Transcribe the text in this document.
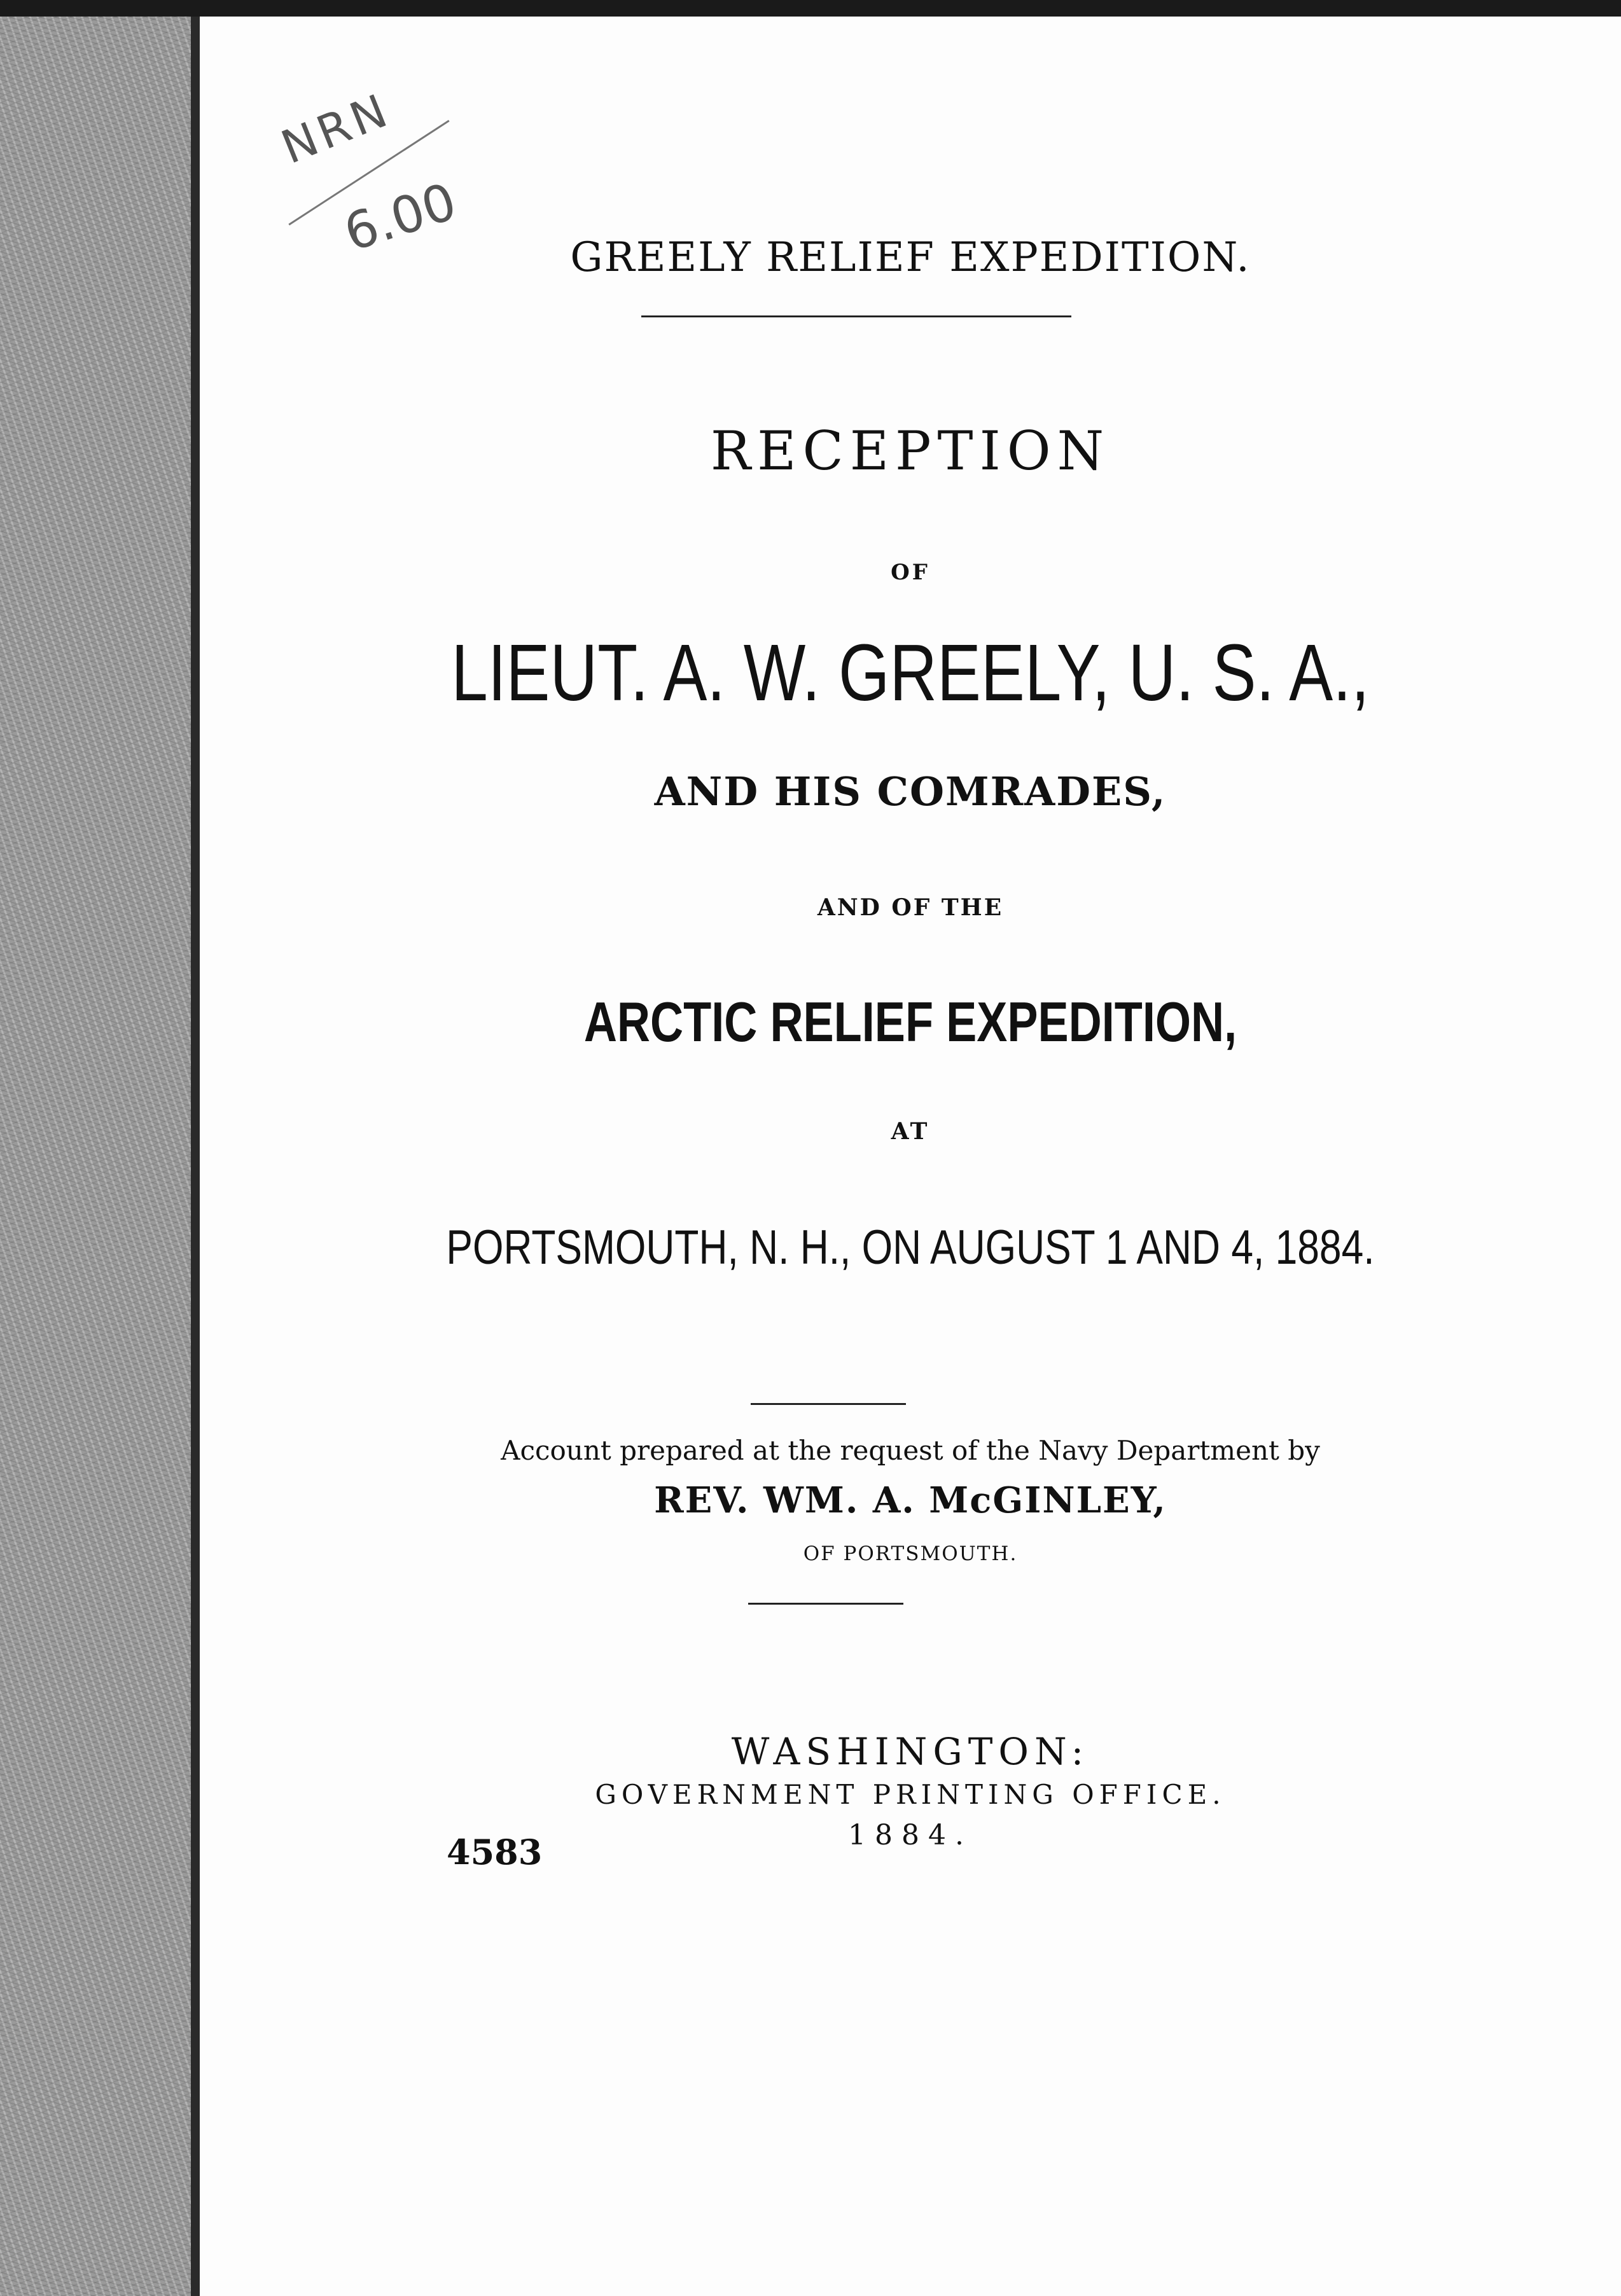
NRN
6.00	GREELY RELIEF EXPEDITION.
RECEPTION
OF
LIEUT. A. W. GREELY, U. S. A.,
AND HIS COMRADES,
AND OF THE
ARCTIC RELIEF EXPEDITION,
AT
PORTSMOUTH, N. H., ON AUGUST 1 AND 4, 1884.
Account prepared at the request of the Navy Department by
REV. WM. A. McGINLEY,
OF PORTSMOUTH.
WASHINGTON:
GOVERNMENT PRINTING OFFICE.
1884.
4583
